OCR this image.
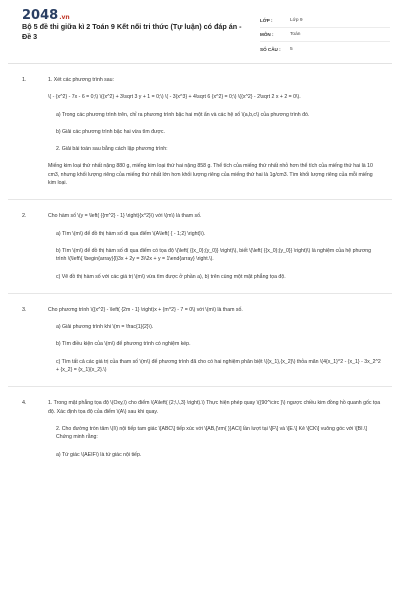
2048.vn
Bộ 5 đề thi giữa kì 2 Toán 9 Kết nối tri thức (Tự luận) có đáp án - Đề 3
LỚP :	Lớp 9
MÔN :	Toán
SỐ CÂU :	5
1.	1. Xét các phương trình sau:

\( - {x^2} - 7x - 6 = 0;\) \({x^2} + 3\sqrt 3 y + 1 = 0;\) \( - 3{x^3} + 4\sqrt 6 {x^2} = 0;\) \({x^2} - 2\sqrt 2 x + 2 = 0\).

a) Trong các phương trình trên, chỉ ra phương trình bậc hai một ẩn và các hệ số \(a,b,c\) của phương trình đó.

b) Giải các phương trình bậc hai vừa tìm được.

2. Giải bài toán sau bằng cách lập phương trình:

Miếng kim loại thứ nhất nặng 880 g, miếng kim loại thứ hai nặng 858 g. Thể tích của miếng thứ nhất nhỏ hơn thể tích của miếng thứ hai là 10 cm3, nhưng khối lượng riêng của miếng thứ nhất lớn hơn khối lượng riêng của miếng thứ hai là 1g/cm3. Tìm khối lượng riêng của mỗi miếng kim loại.

2.	Cho hàm số \(y = \left( {{m^2} - 1} \right){x^2}\) với \(m\) là tham số.

a) Tìm \(m\) để đồ thị hàm số đi qua điểm \(A\left( { - 1;2} \right)\).

b) Tìm \(m\) để đồ thị hàm số đi qua điểm có tọa độ \(\left( {{x_0};{y_0}} \right)\), biết \(\left( {{x_0};{y_0}} \right)\) là nghiệm của hệ phương trình \(\left\{ \begin{array}{l}3x + 2y = 3\\2x + y = 1\end{array} \right.\).

c) Vẽ đồ thị hàm số với các giá trị \(m\) vừa tìm được ở phần a), b) trên cùng một mặt phẳng tọa độ.

3.	Cho phương trình \({x^2} - \left( {2m - 1} \right)x + {m^2} - 7 = 0\) với \(m\) là tham số.

a) Giải phương trình khi \(m = \frac{1}{2}\).

b) Tìm điều kiện của \(m\) để phương trình có nghiệm kép.

c) Tìm tất cả các giá trị của tham số \(m\) để phương trình đã cho có hai nghiệm phân biệt \({x_1},{x_2}\) thỏa mãn \(4{x_1}^2 - {x_1} - 3x_2^2 + {x_2} = {x_1}{x_2}.\)

4.	1. Trong mặt phẳng tọa độ \(Oxy,\) cho điểm \(A\left( {2;\,\,3} \right).\) Thực hiện phép quay \({90^\circ }\) ngược chiều kim đồng hồ quanh gốc tọa độ. Xác định tọa độ của điểm \(A\) sau khi quay.

2. Cho đường tròn tâm \(I\) nội tiếp tam giác \[ABC\] tiếp xúc với \[AB,{\rm{ }}AC\] lần lượt tại \[F\] và \[E.\] Kẻ \[CK\] vuông góc với \[BI.\] Chứng minh rằng:

a) Tứ giác \(AEIF\) là tứ giác nội tiếp.
